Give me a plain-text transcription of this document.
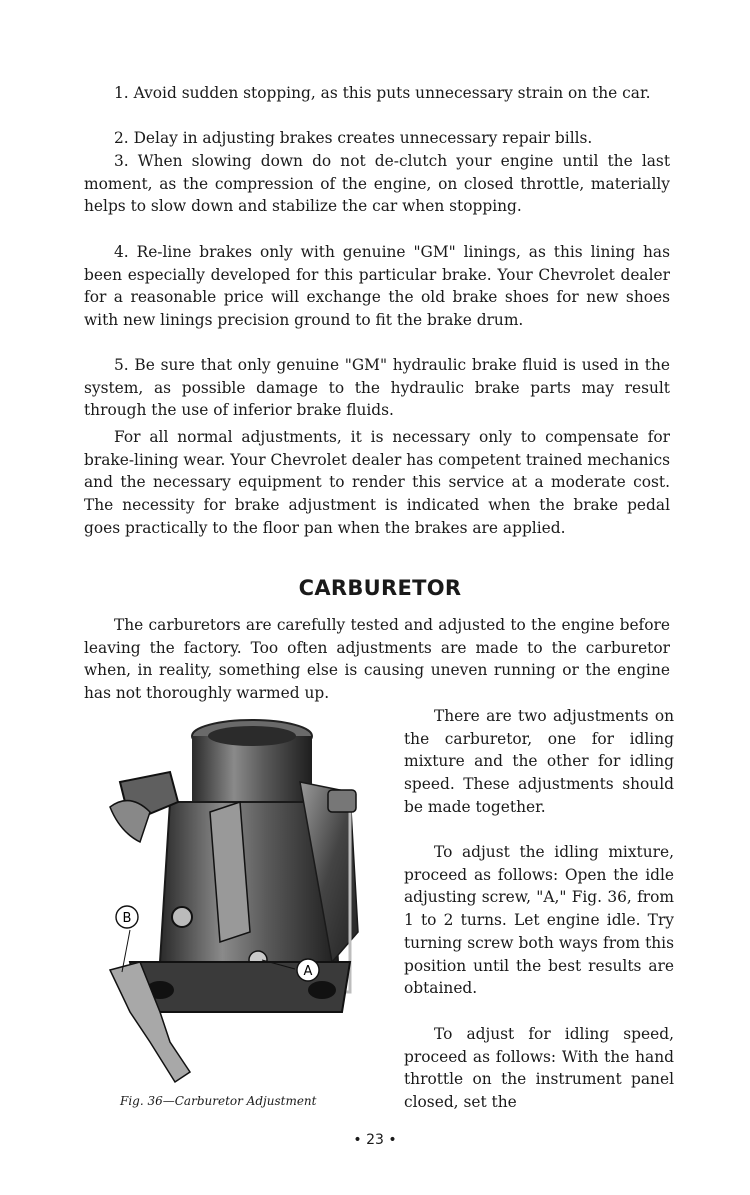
1. Avoid sudden stopping, as this puts unnecessary strain on the car.

2. Delay in adjusting brakes creates unnecessary repair bills.

3. When slowing down do not de-clutch your engine until the last moment, as the compression of the engine, on closed throttle, materially helps to slow down and stabilize the car when stopping.

4. Re-line brakes only with genuine "GM" linings, as this lining has been especially developed for this particular brake. Your Chevrolet dealer for a reasonable price will exchange the old brake shoes for new shoes with new linings precision ground to fit the brake drum.

5. Be sure that only genuine "GM" hydraulic brake fluid is used in the system, as possible damage to the hydraulic brake parts may result through the use of inferior brake fluids.

For all normal adjustments, it is necessary only to compensate for brake-lining wear. Your Chevrolet dealer has competent trained mechanics and the necessary equipment to render this service at a moderate cost. The necessity for brake adjustment is indicated when the brake pedal goes practically to the floor pan when the brakes are applied.

CARBURETOR

The carburetors are carefully tested and adjusted to the engine before leaving the factory. Too often adjustments are made to the carburetor when, in reality, something else is causing uneven running or the engine has not thoroughly warmed up.

There are two adjustments on the carburetor, one for idling mixture and the other for idling speed. These adjustments should be made together.

To adjust the idling mixture, proceed as follows: Open the idle adjusting screw, "A," Fig. 36, from 1 to 2 turns. Let engine idle. Try turning screw both ways from this position until the best results are obtained.

To adjust for idling speed, proceed as follows: With the hand throttle on the instrument panel closed, set the

B
A

Fig. 36—Carburetor Adjustment

• 23 •
